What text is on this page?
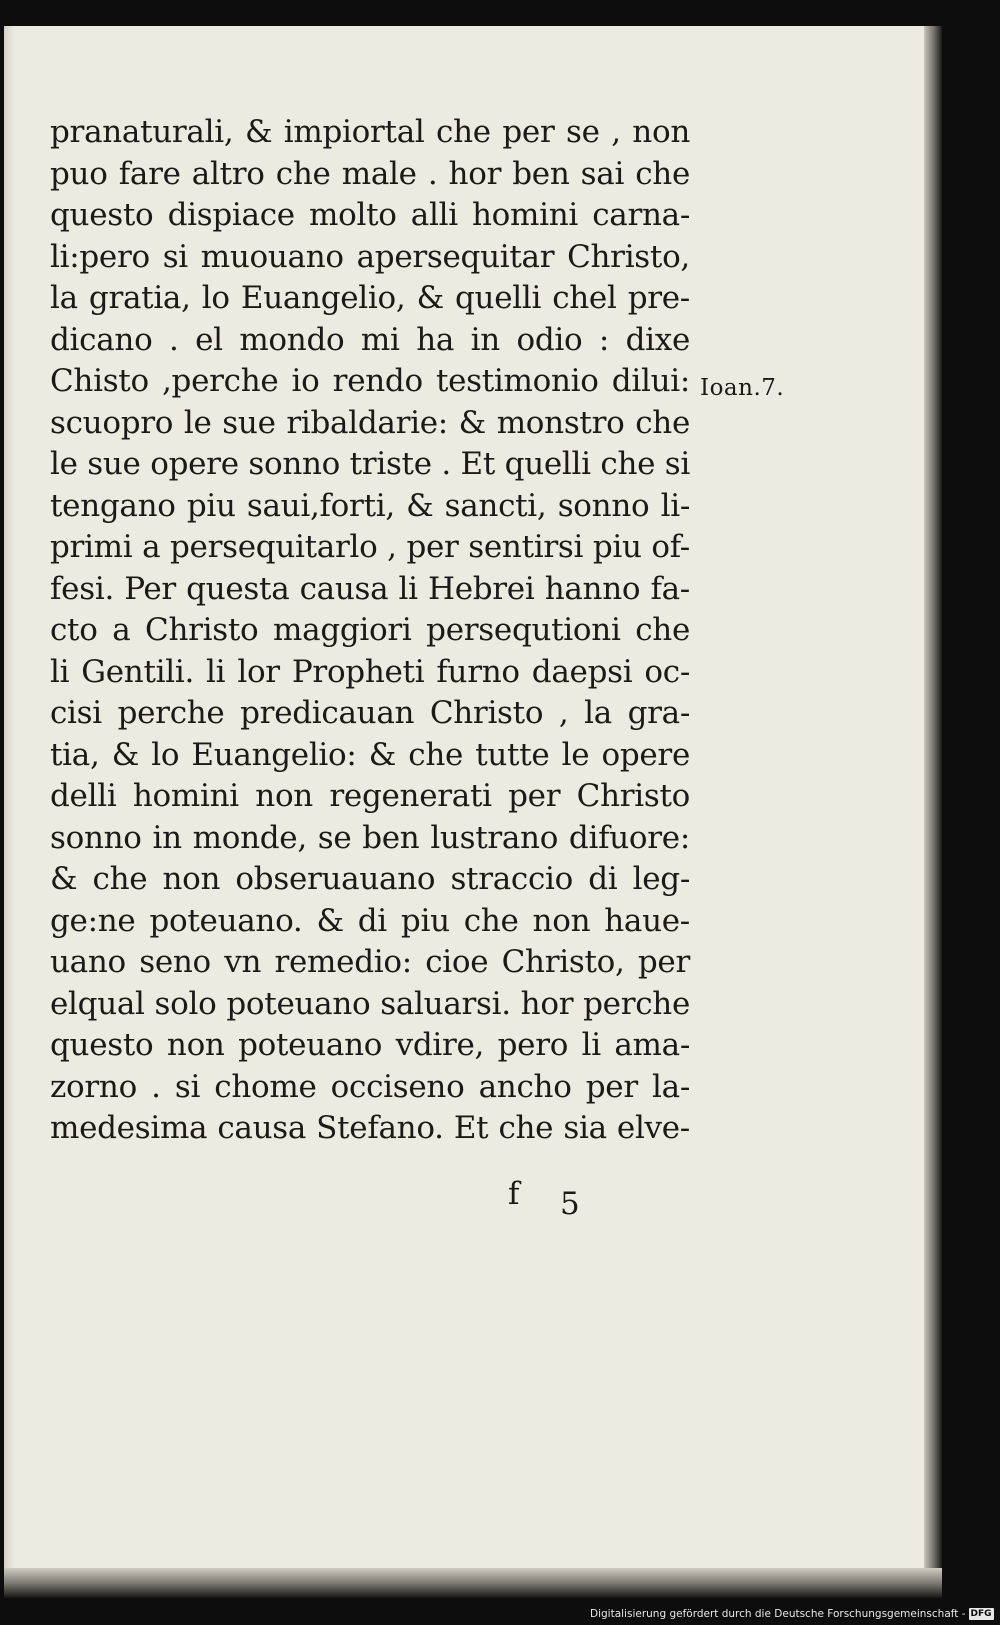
pranaturali, & impiortal che per se , non
puo fare altro che male . hor ben sai che
questo dispiace molto alli homini carna-
li:pero si muouano apersequitar Christo,
la gratia, lo Euangelio, & quelli chel pre-
dicano . el mondo mi ha in odio : dixe
Chisto ,perche io rendo testimonio dilui:
scuopro le sue ribaldarie: & monstro che
le sue opere sonno triste . Et quelli che si
tengano piu saui,forti, & sancti, sonno li-
primi a persequitarlo , per sentirsi piu of-
fesi. Per questa causa li Hebrei hanno fa-
cto a Christo maggiori persequtioni che
li Gentili. li lor Propheti furno daepsi oc-
cisi perche predicauan Christo , la gra-
tia, & lo Euangelio: & che tutte le opere
delli homini non regenerati per Christo
sonno in monde, se ben lustrano difuore:
& che non obseruauano straccio di leg-
ge:ne poteuano. & di piu che non haue-
uano seno vn remedio: cioe Christo, per
elqual solo poteuano saluarsi. hor perche
questo non poteuano vdire, pero li ama-
zorno . si chome occiseno ancho per la-
medesima causa Stefano. Et che sia elve-
Ioan.7.
f 5
Digitalisierung gefördert durch die Deutsche Forschungsgemeinschaft - DFG
